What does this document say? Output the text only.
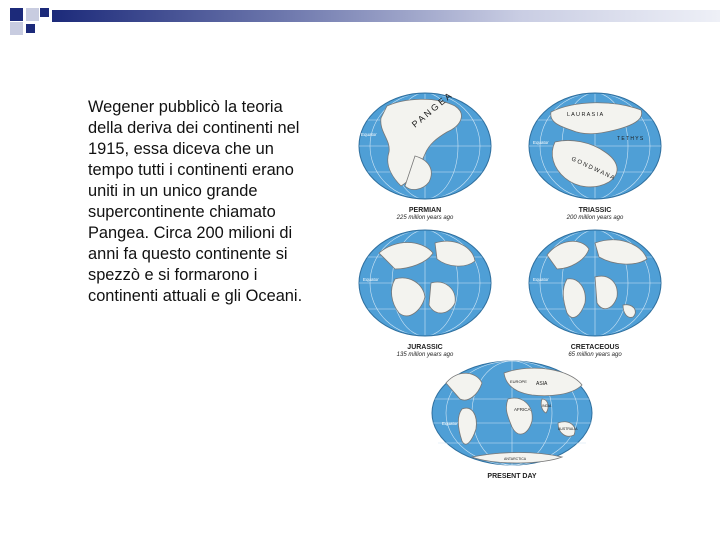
Wegener pubblicò la teoria della deriva dei continenti nel 1915, essa diceva che un tempo tutti i continenti erano uniti in un unico grande supercontinente chiamato Pangea. Circa 200 milioni di anni fa questo continente si spezzò e si formarono i continenti attuali e gli Oceani.
Equator
P A N G E A
Equator
L A U R A S I A
T E T H Y S
G O N D W A N A
PERMIAN
225 million years ago
TRIASSIC
200 million years ago
Equator	Equator
JURASSIC
135 million years ago
CRETACEOUS
65 million years ago
Equator
ASIA
EUROPE
AFRICA
INDIA
AUSTRALIA
ANTARCTICA
PRESENT DAY
